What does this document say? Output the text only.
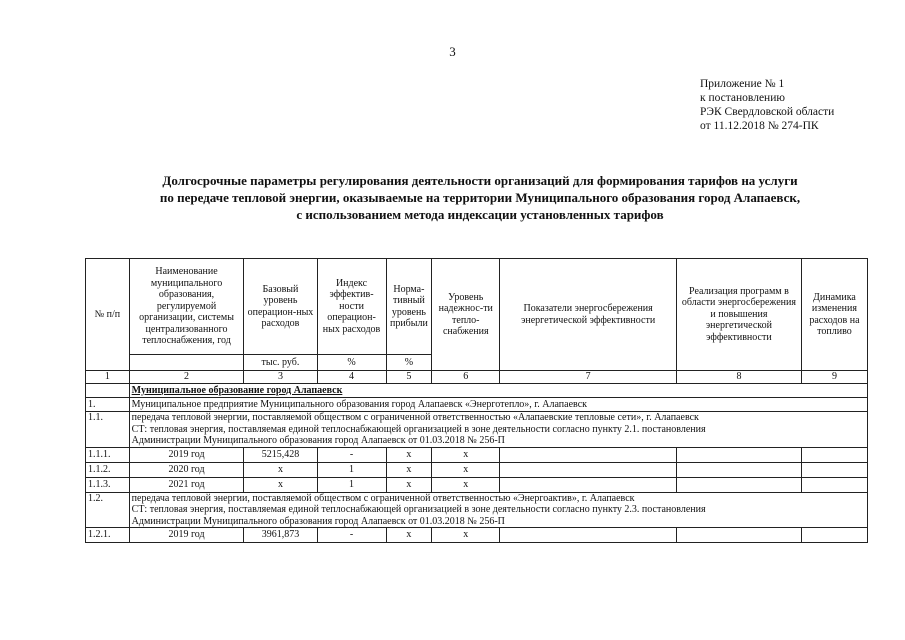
3
Приложение № 1
к постановлению
РЭК Свердловской области
от 11.12.2018 № 274-ПК
Долгосрочные параметры регулирования деятельности организаций для формирования тарифов на услуги
по передаче тепловой энергии, оказываемые на территории Муниципального образования город Алапаевск,
с использованием метода индексации установленных тарифов
№ п/п	Наименование муниципального образования, регулируемой организации, системы централизованного теплоснабжения, год	Базовый уровень операцион-ных расходов	Индекс эффектив-ности операцион-ных расходов	Норма-тивный уровень прибыли	Уровень надежнос-ти тепло-снабжения	Показатели энергосбережения энергетической эффективности	Реализация программ в области энергосбережения и повышения энергетической эффективности	Динамика изменения расходов на топливо
		тыс. руб.	%	%				
1	2	3	4	5	6	7	8	9
	Муниципальное образование город Алапаевск							
1.	Муниципальное предприятие Муниципального образования город Алапаевск «Энерготепло», г. Алапаевск							
1.1.	передача тепловой энергии, поставляемой обществом с ограниченной ответственностью «Алапаевские тепловые сети», г. Алапаевск
СТ: тепловая энергия, поставляемая единой теплоснабжающей организацией в зоне деятельности согласно пункту 2.1. постановления
Администрации Муниципального образования город Алапаевск от 01.03.2018 № 256-П							

1.1.1.	2019 год	5215,428	-	x	x			
1.1.2.	2020 год	x	1	x	x			
1.1.3.	2021 год	x	1	x	x			
1.2.	передача тепловой энергии, поставляемой обществом с ограниченной ответственностью «Энергоактив», г. Алапаевск
СТ: тепловая энергия, поставляемая единой теплоснабжающей организацией в зоне деятельности согласно пункту 2.3. постановления
Администрации Муниципального образования город Алапаевск от 01.03.2018 № 256-П							

1.2.1.	2019 год	3961,873	-	x	x			
